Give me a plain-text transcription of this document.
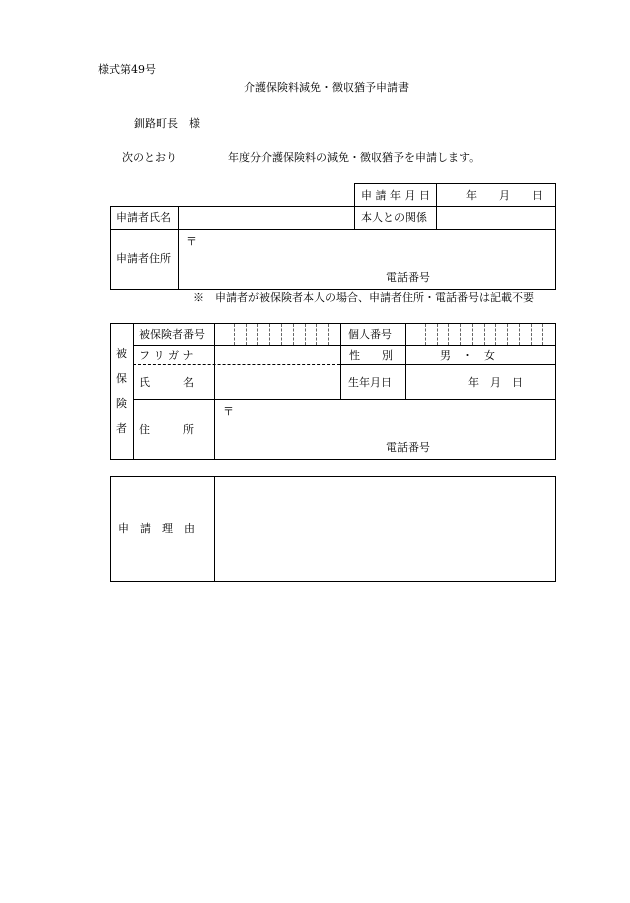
様式第49号
介護保険料減免・徴収猶予申請書
釧路町長　様
次のとおり	年度分介護保険料の減免・徴収猶予を申請します。
申 請 年 月 日	年　　月　　日
申請者氏名	本人との関係
申請者住所
〒
電話番号
※　申請者が被保険者本人の場合、申請者住所・電話番号は記載不要
被
保
険
者
被保険者番号	個人番号
フ リ ガ ナ	性　　別	男　・　女
氏　　　名	生年月日	年　月　日
住　　　所
〒
電話番号
申　請　理　由
